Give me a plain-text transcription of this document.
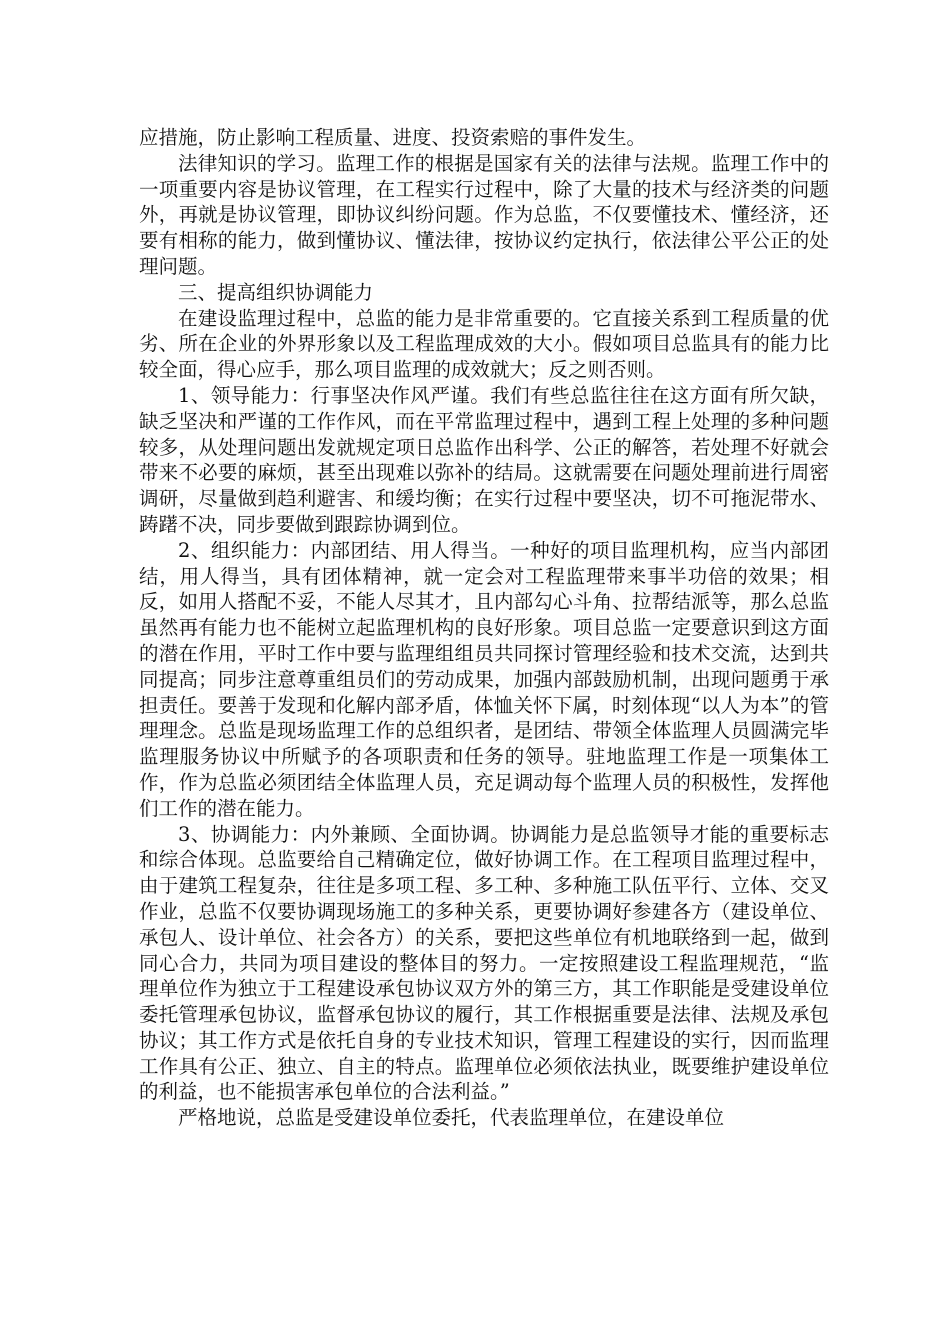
应措施，防止影响工程质量、进度、投资索赔的事件发生。

法律知识的学习。监理工作的根据是国家有关的法律与法规。监理工作中的一项重要内容是协议管理，在工程实行过程中，除了大量的技术与经济类的问题外，再就是协议管理，即协议纠纷问题。作为总监，不仅要懂技术、懂经济，还要有相称的能力，做到懂协议、懂法律，按协议约定执行，依法律公平公正的处理问题。

三、提高组织协调能力

在建设监理过程中，总监的能力是非常重要的。它直接关系到工程质量的优劣、所在企业的外界形象以及工程监理成效的大小。假如项目总监具有的能力比较全面，得心应手，那么项目监理的成效就大；反之则否则。

1、领导能力：行事坚决作风严谨。我们有些总监往往在这方面有所欠缺，缺乏坚决和严谨的工作作风，而在平常监理过程中，遇到工程上处理的多种问题较多，从处理问题出发就规定项日总监作出科学、公正的解答，若处理不好就会带来不必要的麻烦，甚至出现难以弥补的结局。这就需要在问题处理前进行周密调研，尽量做到趋利避害、和缓均衡；在实行过程中要坚决，切不可拖泥带水、踌躇不决，同步要做到跟踪协调到位。

2、组织能力：内部团结、用人得当。一种好的项目监理机构，应当内部团结，用人得当，具有团体精神，就一定会对工程监理带来事半功倍的效果；相反，如用人搭配不妥，不能人尽其才，且内部勾心斗角、拉帮结派等，那么总监虽然再有能力也不能树立起监理机构的良好形象。项目总监一定要意识到这方面的潜在作用，平时工作中要与监理组组员共同探讨管理经验和技术交流，达到共同提高；同步注意尊重组员们的劳动成果，加强内部鼓励机制，出现问题勇于承担责任。要善于发现和化解内部矛盾，体恤关怀下属，时刻体现“以人为本”的管理理念。总监是现场监理工作的总组织者，是团结、带领全体监理人员圆满完毕监理服务协议中所赋予的各项职责和任务的领导。驻地监理工作是一项集体工作，作为总监必须团结全体监理人员，充足调动每个监理人员的积极性，发挥他们工作的潜在能力。

3、协调能力：内外兼顾、全面协调。协调能力是总监领导才能的重要标志和综合体现。总监要给自己精确定位，做好协调工作。在工程项目监理过程中，由于建筑工程复杂，往往是多项工程、多工种、多种施工队伍平行、立体、交叉作业，总监不仅要协调现场施工的多种关系，更要协调好参建各方（建设单位、承包人、设计单位、社会各方）的关系，要把这些单位有机地联络到一起，做到同心合力，共同为项目建设的整体目的努力。一定按照建设工程监理规范，“监理单位作为独立于工程建设承包协议双方外的第三方，其工作职能是受建设单位委托管理承包协议，监督承包协议的履行，其工作根据重要是法律、法规及承包协议；其工作方式是依托自身的专业技术知识，管理工程建设的实行，因而监理工作具有公正、独立、自主的特点。监理单位必须依法执业，既要维护建设单位的利益，也不能损害承包单位的合法利益。”

严格地说，总监是受建设单位委托，代表监理单位，在建设单位
